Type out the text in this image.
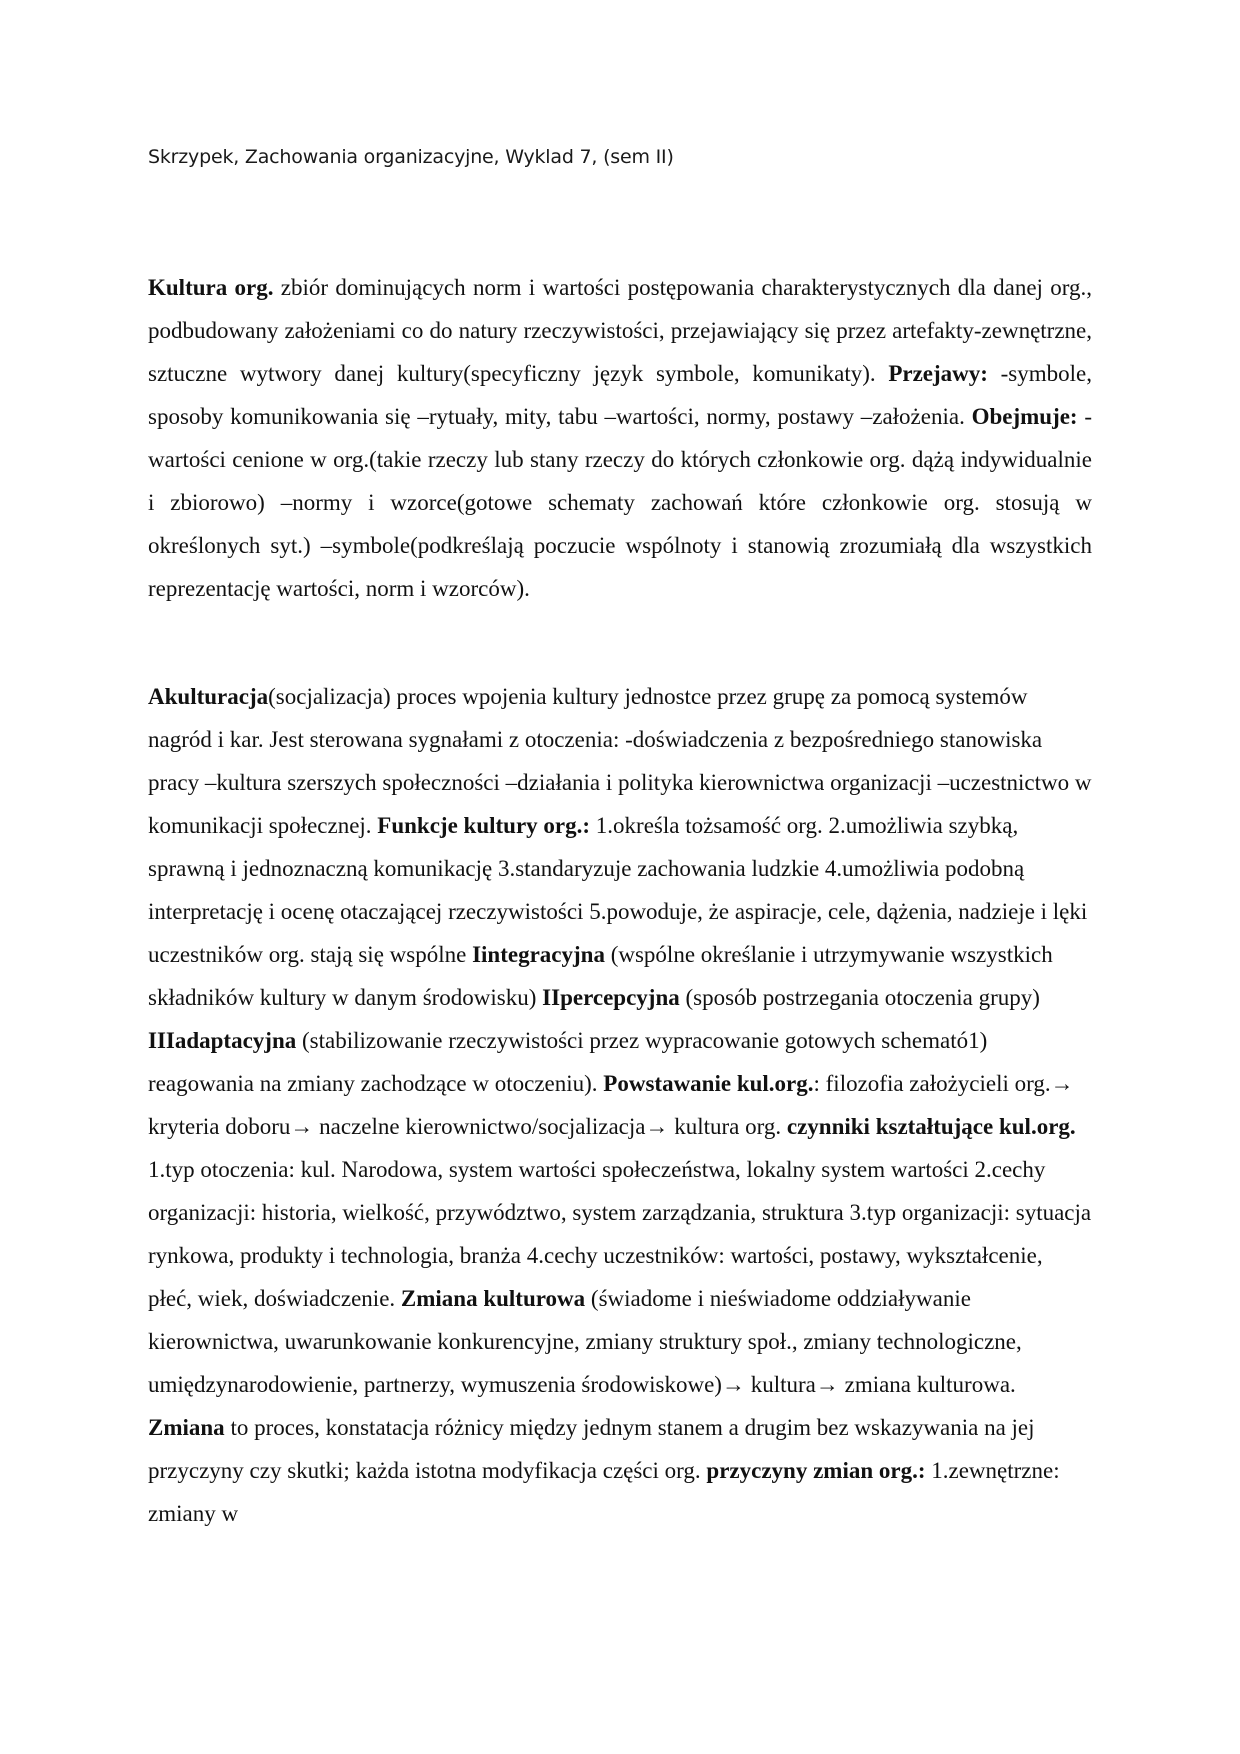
Skrzypek, Zachowania organizacyjne, Wyklad 7, (sem II)

Kultura org. zbiór dominujących norm i wartości postępowania charakterystycznych dla danej org., podbudowany założeniami co do natury rzeczywistości, przejawiający się przez artefakty-zewnętrzne, sztuczne wytwory danej kultury(specyficzny język symbole, komunikaty). Przejawy: -symbole, sposoby komunikowania się –rytuały, mity, tabu –wartości, normy, postawy –założenia. Obejmuje: -wartości cenione w org.(takie rzeczy lub stany rzeczy do których członkowie org. dążą indywidualnie i zbiorowo) –normy i wzorce(gotowe schematy zachowań które członkowie org. stosują w określonych syt.) –symbole(podkreślają poczucie wspólnoty i stanowią zrozumiałą dla wszystkich reprezentację wartości, norm i wzorców).

Akulturacja(socjalizacja) proces wpojenia kultury jednostce przez grupę za pomocą systemów nagród i kar. Jest sterowana sygnałami z otoczenia: -doświadczenia z bezpośredniego stanowiska pracy –kultura szerszych społeczności –działania i polityka kierownictwa organizacji –uczestnictwo w komunikacji społecznej. Funkcje kultury org.: 1.określa tożsamość org. 2.umożliwia szybką, sprawną i jednoznaczną komunikację 3.standaryzuje zachowania ludzkie 4.umożliwia podobną interpretację i ocenę otaczającej rzeczywistości 5.powoduje, że aspiracje, cele, dążenia, nadzieje i lęki uczestników org. stają się wspólne Iintegracyjna (wspólne określanie i utrzymywanie wszystkich składników kultury w danym środowisku) IIpercepcyjna (sposób postrzegania otoczenia grupy) IIIadaptacyjna (stabilizowanie rzeczywistości przez wypracowanie gotowych schemató1) reagowania na zmiany zachodzące w otoczeniu). Powstawanie kul.org.: filozofia założycieli org.→ kryteria doboru→ naczelne kierownictwo/socjalizacja→ kultura org. czynniki kształtujące kul.org. 1.typ otoczenia: kul. Narodowa, system wartości społeczeństwa, lokalny system wartości 2.cechy organizacji: historia, wielkość, przywództwo, system zarządzania, struktura 3.typ organizacji: sytuacja rynkowa, produkty i technologia, branża 4.cechy uczestników: wartości, postawy, wykształcenie, płeć, wiek, doświadczenie. Zmiana kulturowa (świadome i nieświadome oddziaływanie kierownictwa, uwarunkowanie konkurencyjne, zmiany struktury społ., zmiany technologiczne, umiędzynarodowienie, partnerzy, wymuszenia środowiskowe)→ kultura→ zmiana kulturowa. Zmiana to proces, konstatacja różnicy między jednym stanem a drugim bez wskazywania na jej przyczyny czy skutki; każda istotna modyfikacja części org. przyczyny zmian org.: 1.zewnętrzne: zmiany w
